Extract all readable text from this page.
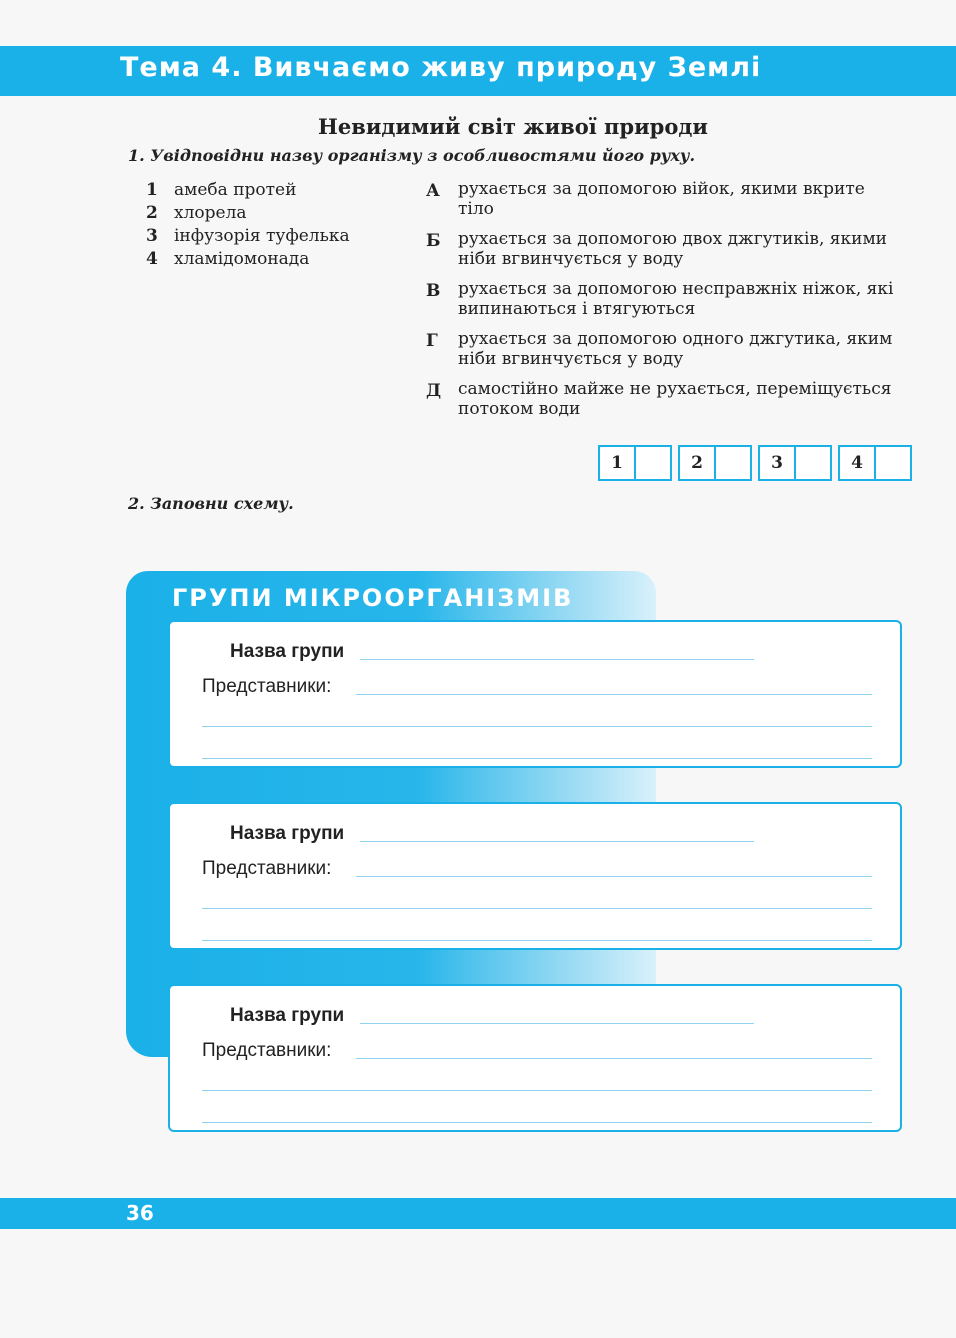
Тема 4. Вивчаємо живу природу Землі
Невидимий світ живої природи
1. Увідповідни назву організму з особливостями його руху.
1 амеба протей
2 хлорела
3 інфузорія туфелька
4 хламідомонада
А рухається за допомогою війок, якими вкрите тіло
Б рухається за допомогою двох джгутиків, якими ніби вгвинчується у воду
В рухається за допомогою несправжніх ніжок, які випинаються і втягуються
Г рухається за допомогою одного джгутика, яким ніби вгвинчується у воду
Д самостійно майже не рухається, переміщується потоком води
1	2	3	4
2. Заповни схему.
ГРУПИ МІКРООРГАНІЗМІВ
Назва групи
Представники:
Назва групи
Представники:
Назва групи
Представники:
36
